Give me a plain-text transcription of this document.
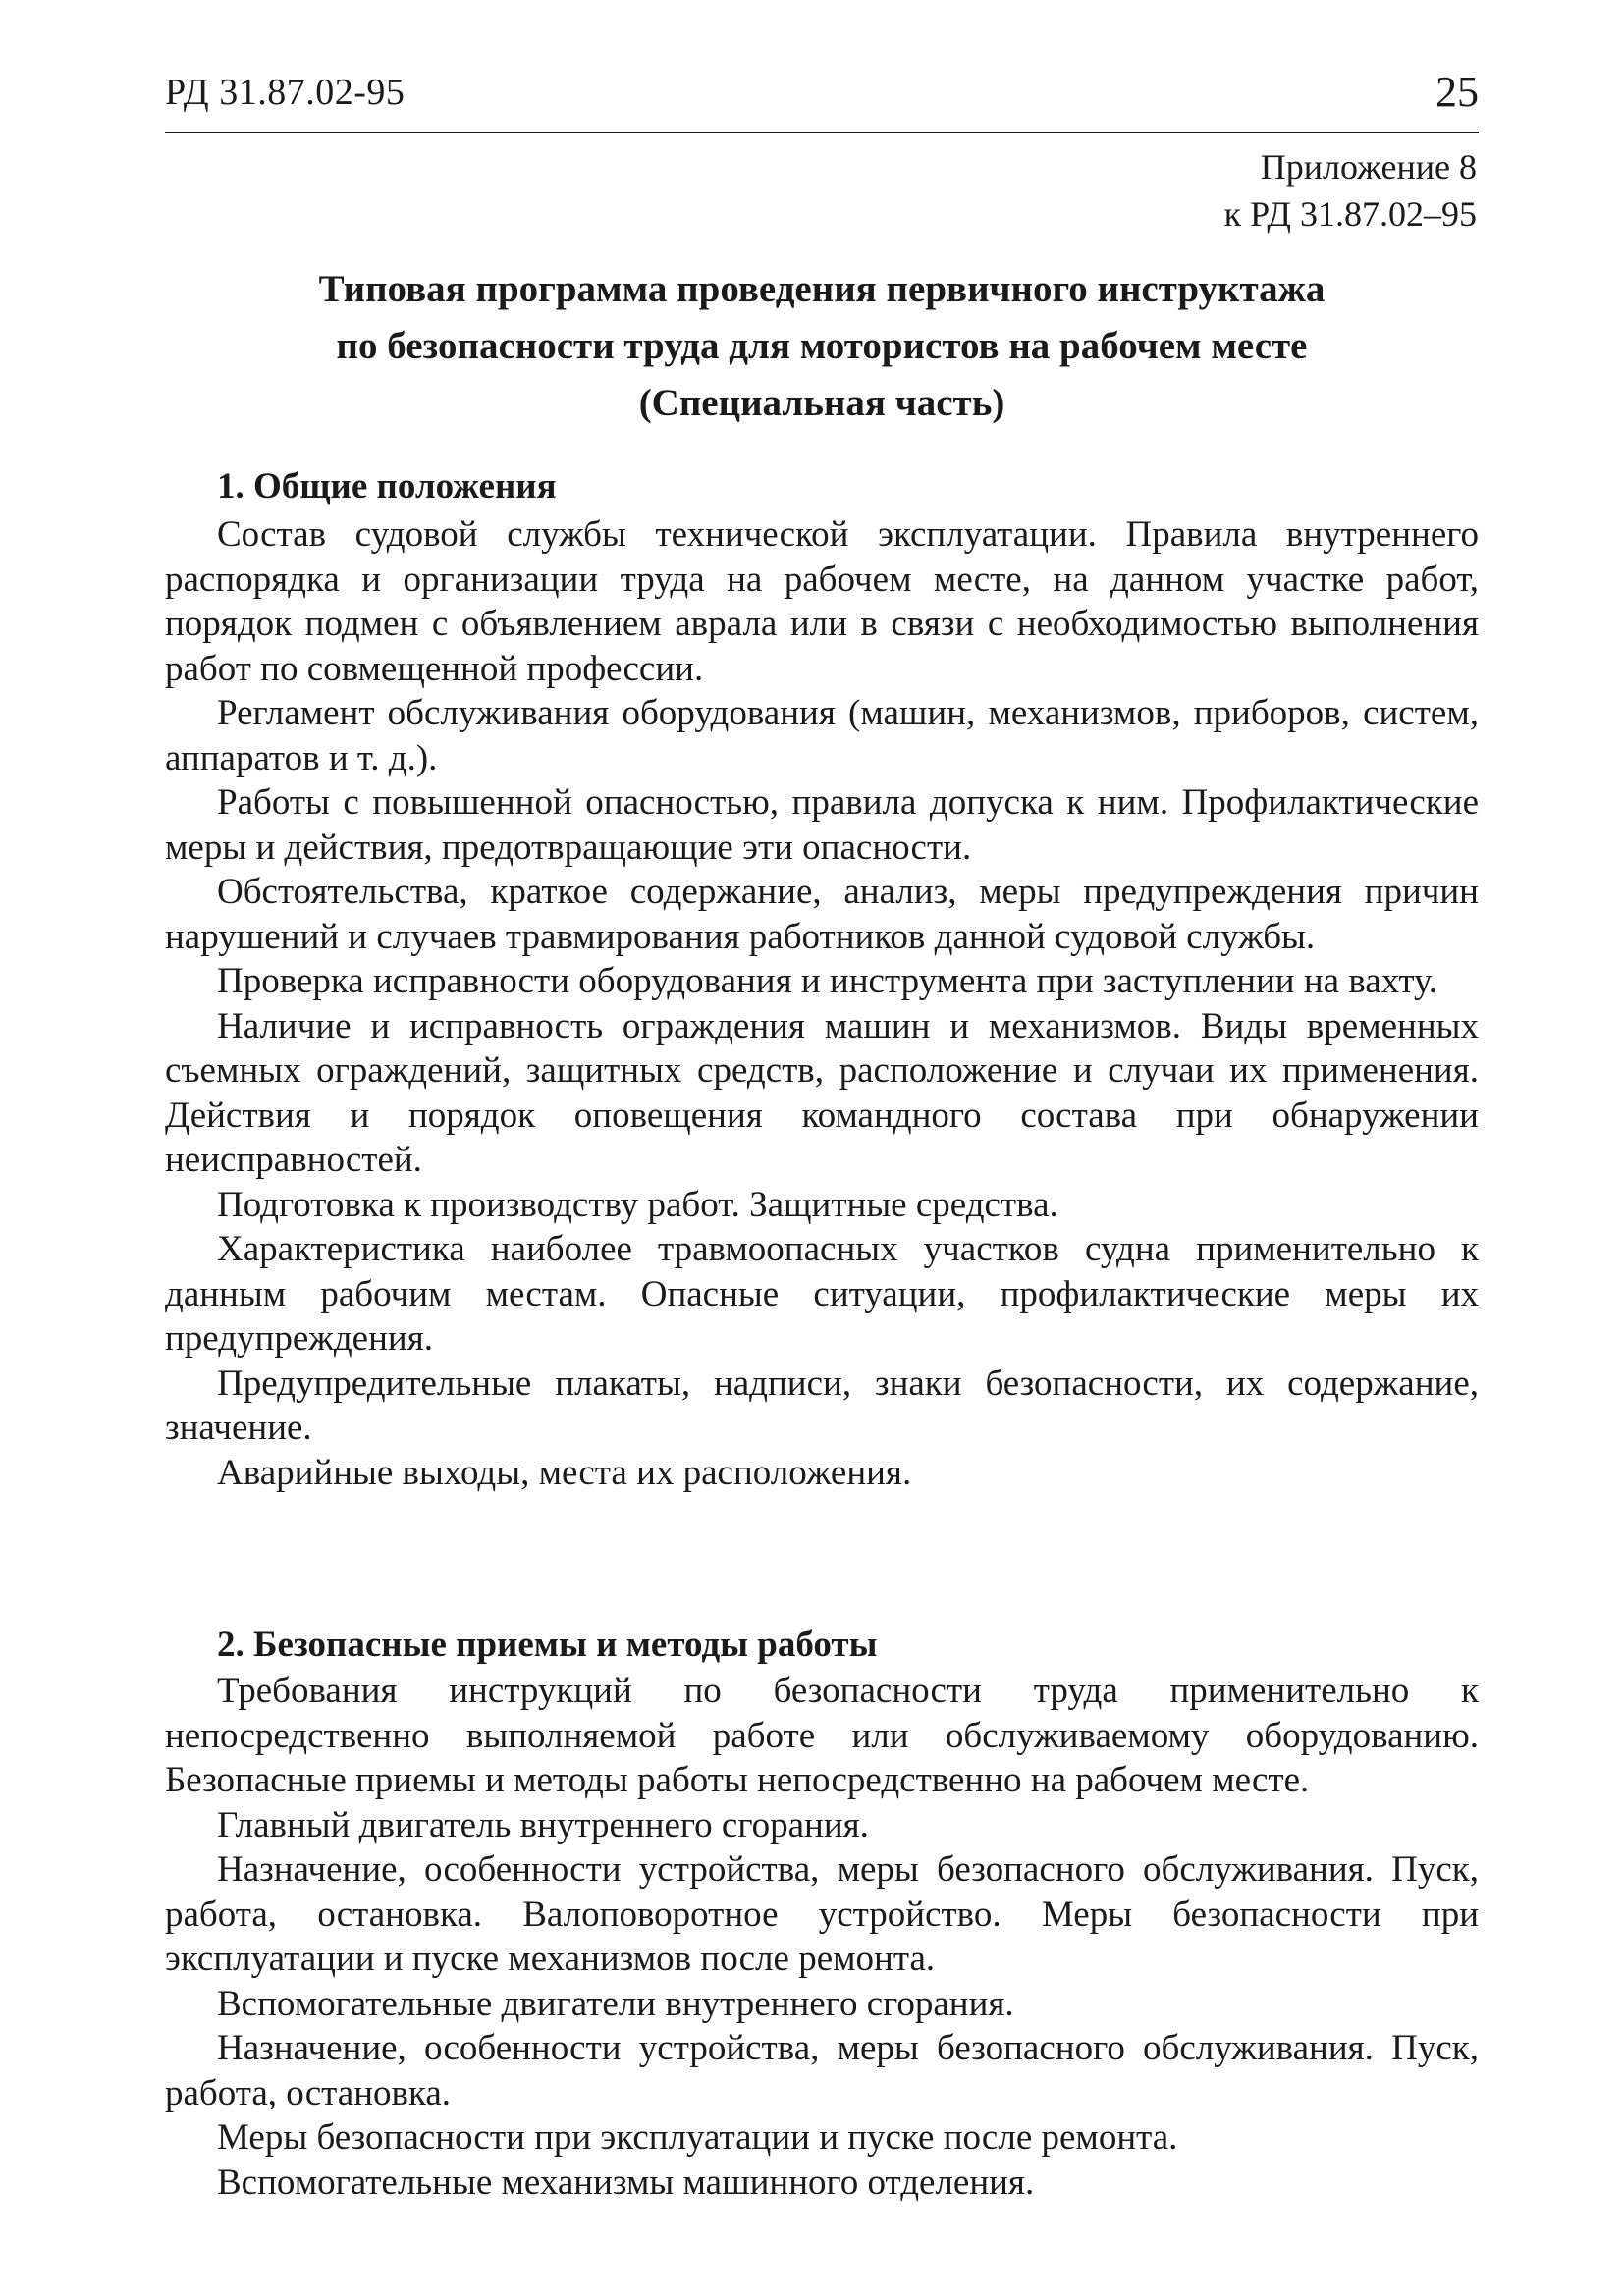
РД 31.87.02-95	25
Приложение 8
к РД 31.87.02–95
Типовая программа проведения первичного инструктажа
по безопасности труда для мотористов на рабочем месте
(Специальная часть)
1. Общие положения

Состав судовой службы технической эксплуатации. Правила внутреннего распорядка и организации труда на рабочем месте, на данном участке работ, порядок подмен с объявлением аврала или в связи с необходимостью выполнения работ по совмещенной профессии.

Регламент обслуживания оборудования (машин, механизмов, приборов, систем, аппаратов и т. д.).

Работы с повышенной опасностью, правила допуска к ним. Профилактические меры и действия, предотвращающие эти опасности.

Обстоятельства, краткое содержание, анализ, меры предупреждения причин нарушений и случаев травмирования работников данной судовой службы.

Проверка исправности оборудования и инструмента при заступлении на вахту.

Наличие и исправность ограждения машин и механизмов. Виды временных съемных ограждений, защитных средств, расположение и случаи их применения. Действия и порядок оповещения командного состава при обнаружении неисправностей.

Подготовка к производству работ. Защитные средства.

Характеристика наиболее травмоопасных участков судна применительно к данным рабочим местам. Опасные ситуации, профилактические меры их предупреждения.

Предупредительные плакаты, надписи, знаки безопасности, их содержание, значение.

Аварийные выходы, места их расположения.

2. Безопасные приемы и методы работы

Требования инструкций по безопасности труда применительно к непосредственно выполняемой работе или обслуживаемому оборудованию. Безопасные приемы и методы работы непосредственно на рабочем месте.

Главный двигатель внутреннего сгорания.

Назначение, особенности устройства, меры безопасного обслуживания. Пуск, работа, остановка. Валоповоротное устройство. Меры безопасности при эксплуатации и пуске механизмов после ремонта.

Вспомогательные двигатели внутреннего сгорания.

Назначение, особенности устройства, меры безопасного обслуживания. Пуск, работа, остановка.

Меры безопасности при эксплуатации и пуске после ремонта.

Вспомогательные механизмы машинного отделения.
